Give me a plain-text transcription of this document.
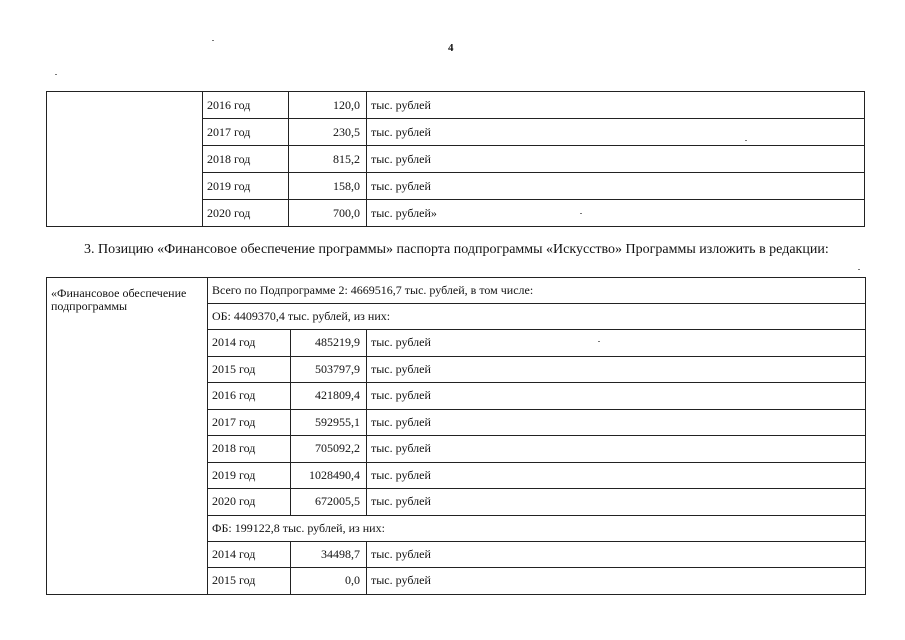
4
	2016 год	120,0	тыс. рублей
	2017 год	230,5	тыс. рублей
	2018 год	815,2	тыс. рублей
	2019 год	158,0	тыс. рублей
	2020 год	700,0	тыс. рублей»
3. Позицию «Финансовое обеспечение программы» паспорта подпрограммы «Искусство» Программы изложить в редакции:
«Финансовое обеспечение подпрограммы	Всего по Подпрограмме 2: 4669516,7 тыс. рублей, в том числе:		
	ОБ: 4409370,4 тыс. рублей, из них:		
	2014 год	485219,9	тыс. рублей
	2015 год	503797,9	тыс. рублей
	2016 год	421809,4	тыс. рублей
	2017 год	592955,1	тыс. рублей
	2018 год	705092,2	тыс. рублей
	2019 год	1028490,4	тыс. рублей
	2020 год	672005,5	тыс. рублей
	ФБ: 199122,8 тыс. рублей, из них:		
	2014 год	34498,7	тыс. рублей
	2015 год	0,0	тыс. рублей
